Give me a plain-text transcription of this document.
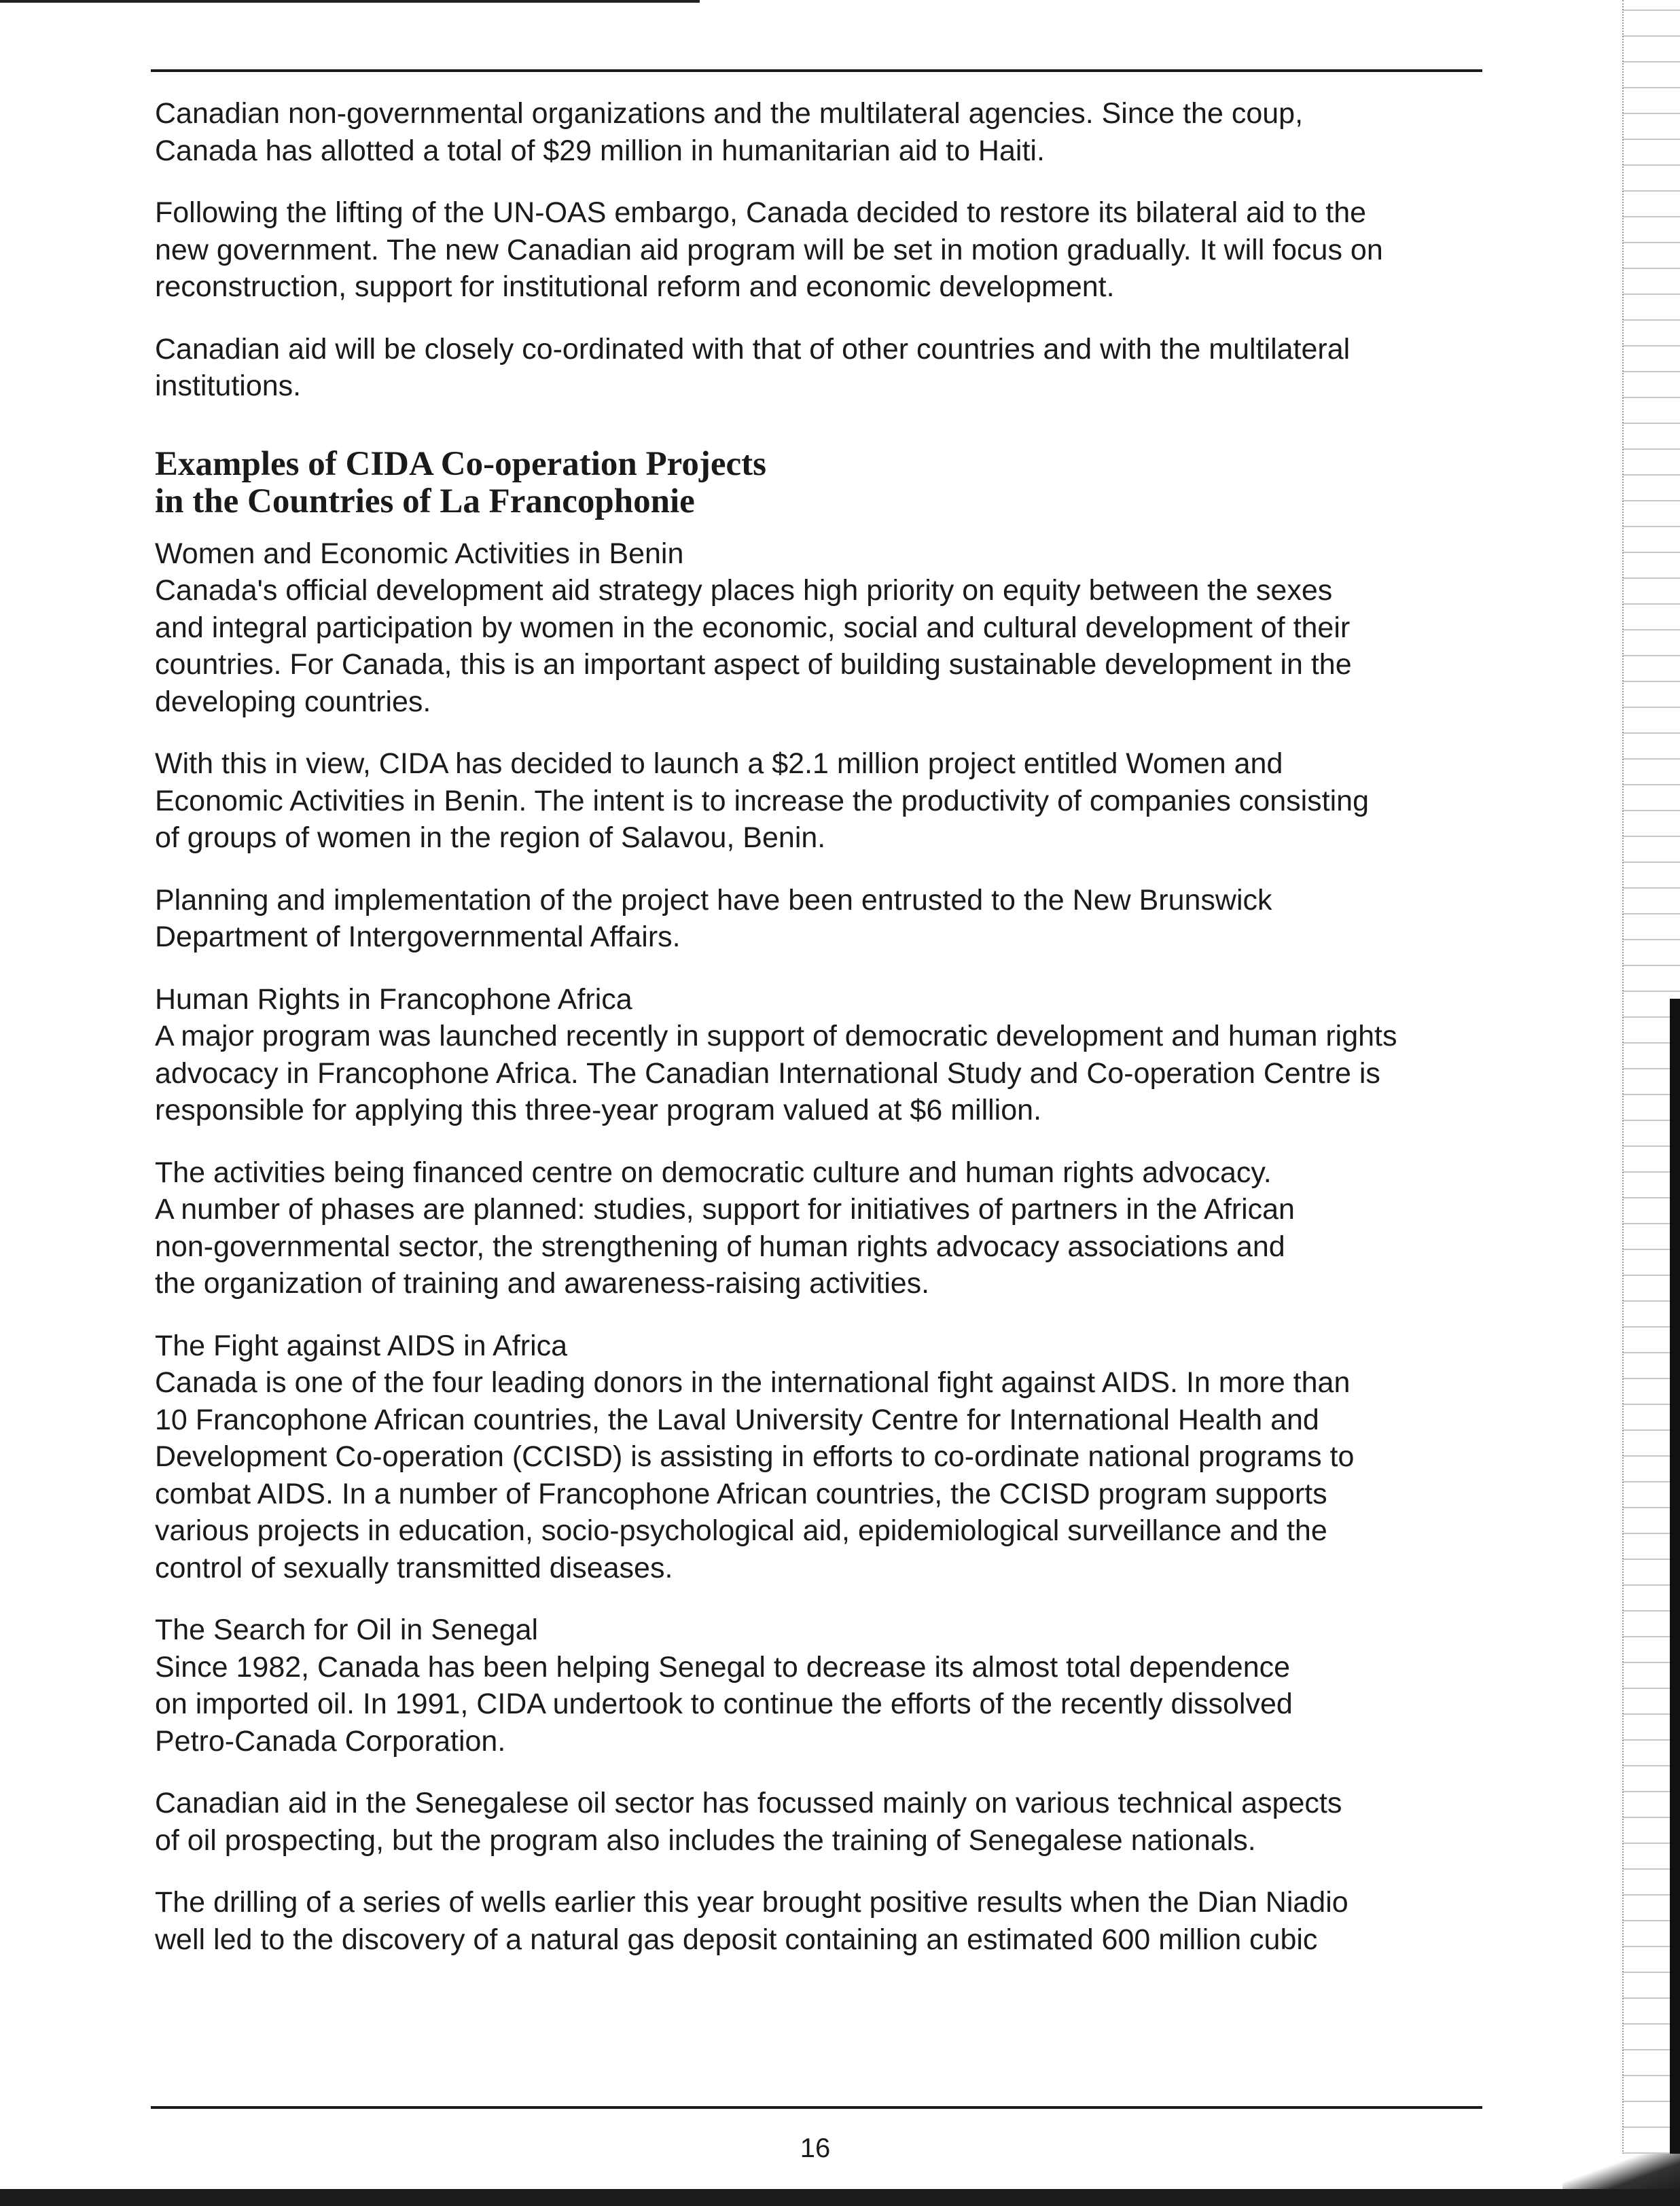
Canadian non-governmental organizations and the multilateral agencies. Since the coup,
Canada has allotted a total of $29 million in humanitarian aid to Haiti.

Following the lifting of the UN-OAS embargo, Canada decided to restore its bilateral aid to the
new government. The new Canadian aid program will be set in motion gradually. It will focus on
reconstruction, support for institutional reform and economic development.

Canadian aid will be closely co-ordinated with that of other countries and with the multilateral
institutions.

Examples of CIDA Co-operation Projects
in the Countries of La Francophonie

Women and Economic Activities in Benin

Canada's official development aid strategy places high priority on equity between the sexes
and integral participation by women in the economic, social and cultural development of their
countries. For Canada, this is an important aspect of building sustainable development in the
developing countries.

With this in view, CIDA has decided to launch a $2.1 million project entitled Women and
Economic Activities in Benin. The intent is to increase the productivity of companies consisting
of groups of women in the region of Salavou, Benin.

Planning and implementation of the project have been entrusted to the New Brunswick
Department of Intergovernmental Affairs.

Human Rights in Francophone Africa

A major program was launched recently in support of democratic development and human rights
advocacy in Francophone Africa. The Canadian International Study and Co-operation Centre is
responsible for applying this three-year program valued at $6 million.

The activities being financed centre on democratic culture and human rights advocacy.
A number of phases are planned: studies, support for initiatives of partners in the African
non-governmental sector, the strengthening of human rights advocacy associations and
the organization of training and awareness-raising activities.

The Fight against AIDS in Africa

Canada is one of the four leading donors in the international fight against AIDS. In more than
10 Francophone African countries, the Laval University Centre for International Health and
Development Co-operation (CCISD) is assisting in efforts to co-ordinate national programs to
combat AIDS. In a number of Francophone African countries, the CCISD program supports
various projects in education, socio-psychological aid, epidemiological surveillance and the
control of sexually transmitted diseases.

The Search for Oil in Senegal

Since 1982, Canada has been helping Senegal to decrease its almost total dependence
on imported oil. In 1991, CIDA undertook to continue the efforts of the recently dissolved
Petro-Canada Corporation.

Canadian aid in the Senegalese oil sector has focussed mainly on various technical aspects
of oil prospecting, but the program also includes the training of Senegalese nationals.

The drilling of a series of wells earlier this year brought positive results when the Dian Niadio
well led to the discovery of a natural gas deposit containing an estimated 600 million cubic

16
